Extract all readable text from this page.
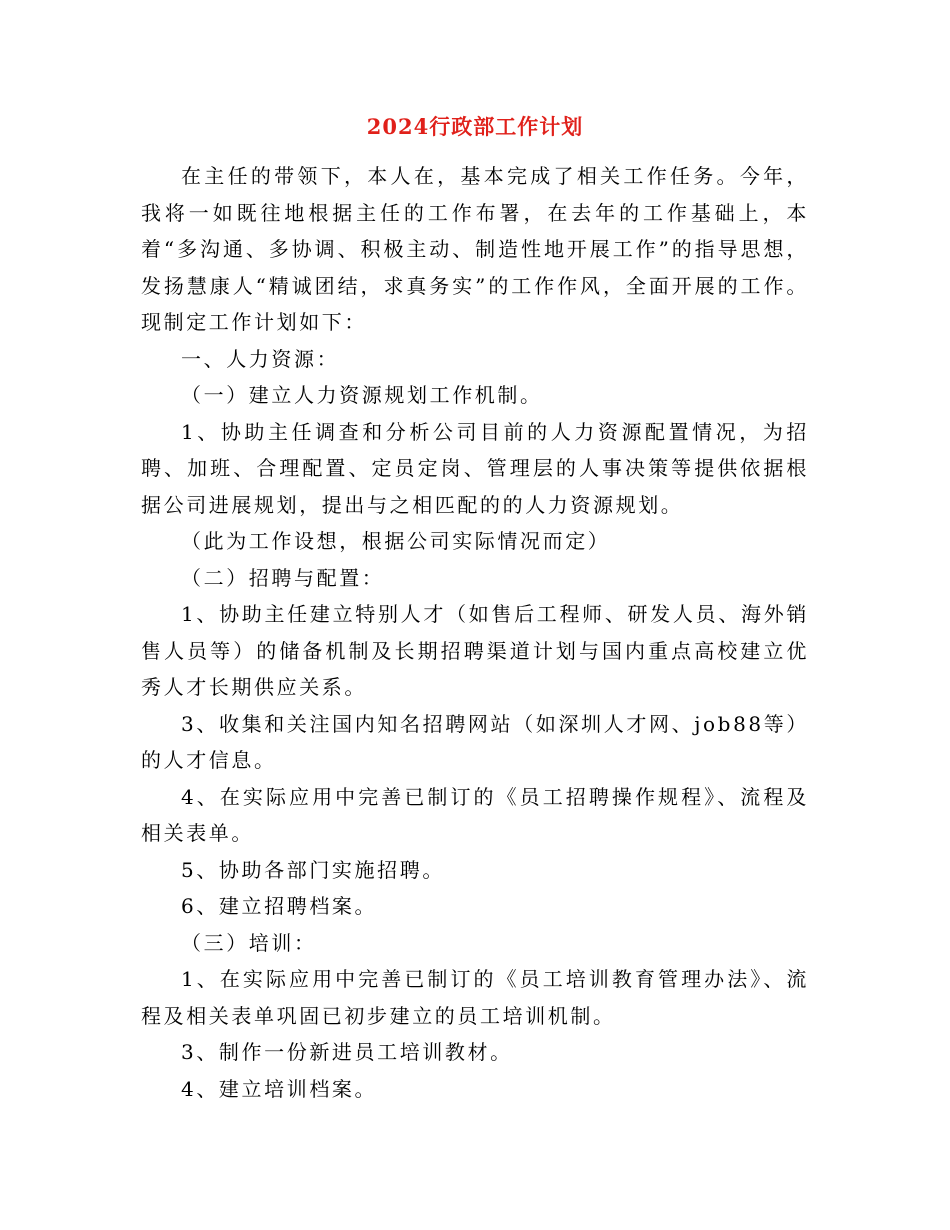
2024行政部工作计划

在主任的带领下，本人在，基本完成了相关工作任务。今年，我将一如既往地根据主任的工作布署，在去年的工作基础上，本着“多沟通、多协调、积极主动、制造性地开展工作”的指导思想，发扬慧康人“精诚团结，求真务实”的工作作风，全面开展的工作。现制定工作计划如下：

一、人力资源：

（一）建立人力资源规划工作机制。

1、协助主任调查和分析公司目前的人力资源配置情况，为招聘、加班、合理配置、定员定岗、管理层的人事决策等提供依据根据公司进展规划，提出与之相匹配的的人力资源规划。

（此为工作设想，根据公司实际情况而定）

（二）招聘与配置：

1、协助主任建立特别人才（如售后工程师、研发人员、海外销售人员等）的储备机制及长期招聘渠道计划与国内重点高校建立优秀人才长期供应关系。

3、收集和关注国内知名招聘网站（如深圳人才网、job88等）的人才信息。

4、在实际应用中完善已制订的《员工招聘操作规程》、流程及相关表单。

5、协助各部门实施招聘。

6、建立招聘档案。

（三）培训：

1、在实际应用中完善已制订的《员工培训教育管理办法》、流程及相关表单巩固已初步建立的员工培训机制。

3、制作一份新进员工培训教材。

4、建立培训档案。
